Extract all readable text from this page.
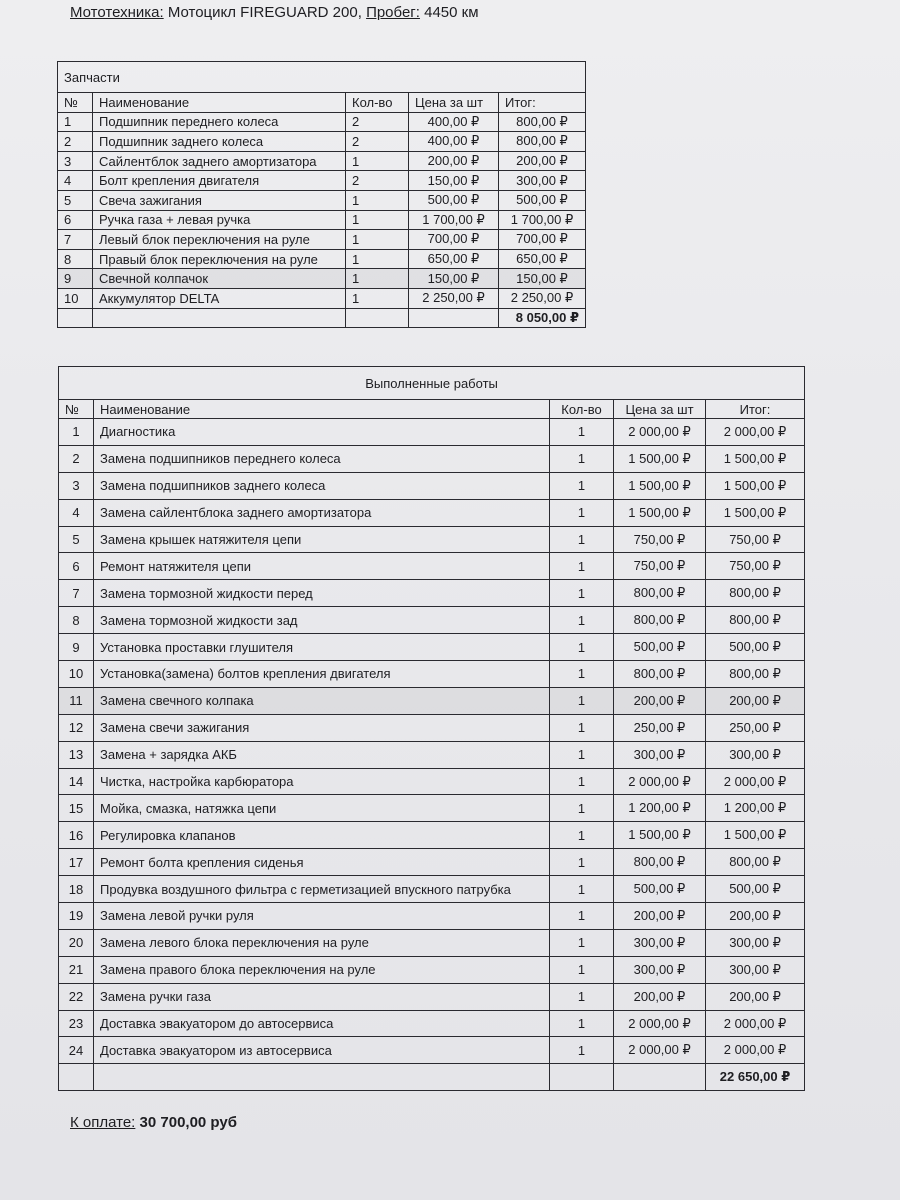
Мототехника: Мотоцикл FIREGUARD 200, Пробег: 4450 км
Запчасти				
№	Наименование	Кол-во	Цена за шт	Итог:
1	Подшипник переднего колеса	2	400,00 ₽	800,00 ₽
2	Подшипник заднего колеса	2	400,00 ₽	800,00 ₽
3	Сайлентблок заднего амортизатора	1	200,00 ₽	200,00 ₽
4	Болт крепления двигателя	2	150,00 ₽	300,00 ₽
5	Свеча зажигания	1	500,00 ₽	500,00 ₽
6	Ручка газа + левая ручка	1	1 700,00 ₽	1 700,00 ₽
7	Левый блок переключения на руле	1	700,00 ₽	700,00 ₽
8	Правый блок переключения на руле	1	650,00 ₽	650,00 ₽
9	Свечной колпачок	1	150,00 ₽	150,00 ₽
10	Аккумулятор DELTA	1	2 250,00 ₽	2 250,00 ₽
				8 050,00 ₽
Выполненные работы				
№	Наименование	Кол-во	Цена за шт	Итог:
1	Диагностика	1	2 000,00 ₽	2 000,00 ₽
2	Замена подшипников переднего колеса	1	1 500,00 ₽	1 500,00 ₽
3	Замена подшипников заднего колеса	1	1 500,00 ₽	1 500,00 ₽
4	Замена сайлентблока заднего амортизатора	1	1 500,00 ₽	1 500,00 ₽
5	Замена крышек натяжителя цепи	1	750,00 ₽	750,00 ₽
6	Ремонт натяжителя цепи	1	750,00 ₽	750,00 ₽
7	Замена тормозной жидкости перед	1	800,00 ₽	800,00 ₽
8	Замена тормозной жидкости зад	1	800,00 ₽	800,00 ₽
9	Установка проставки глушителя	1	500,00 ₽	500,00 ₽
10	Установка(замена) болтов крепления двигателя	1	800,00 ₽	800,00 ₽
11	Замена свечного колпака	1	200,00 ₽	200,00 ₽
12	Замена свечи зажигания	1	250,00 ₽	250,00 ₽
13	Замена + зарядка АКБ	1	300,00 ₽	300,00 ₽
14	Чистка, настройка карбюратора	1	2 000,00 ₽	2 000,00 ₽
15	Мойка, смазка, натяжка цепи	1	1 200,00 ₽	1 200,00 ₽
16	Регулировка клапанов	1	1 500,00 ₽	1 500,00 ₽
17	Ремонт болта крепления сиденья	1	800,00 ₽	800,00 ₽
18	Продувка воздушного фильтра с герметизацией впускного патрубка	1	500,00 ₽	500,00 ₽
19	Замена левой ручки руля	1	200,00 ₽	200,00 ₽
20	Замена левого блока переключения на руле	1	300,00 ₽	300,00 ₽
21	Замена правого блока переключения на руле	1	300,00 ₽	300,00 ₽
22	Замена ручки газа	1	200,00 ₽	200,00 ₽
23	Доставка эвакуатором до автосервиса	1	2 000,00 ₽	2 000,00 ₽
24	Доставка эвакуатором из автосервиса	1	2 000,00 ₽	2 000,00 ₽
				22 650,00 ₽
К оплате: 30 700,00 руб
